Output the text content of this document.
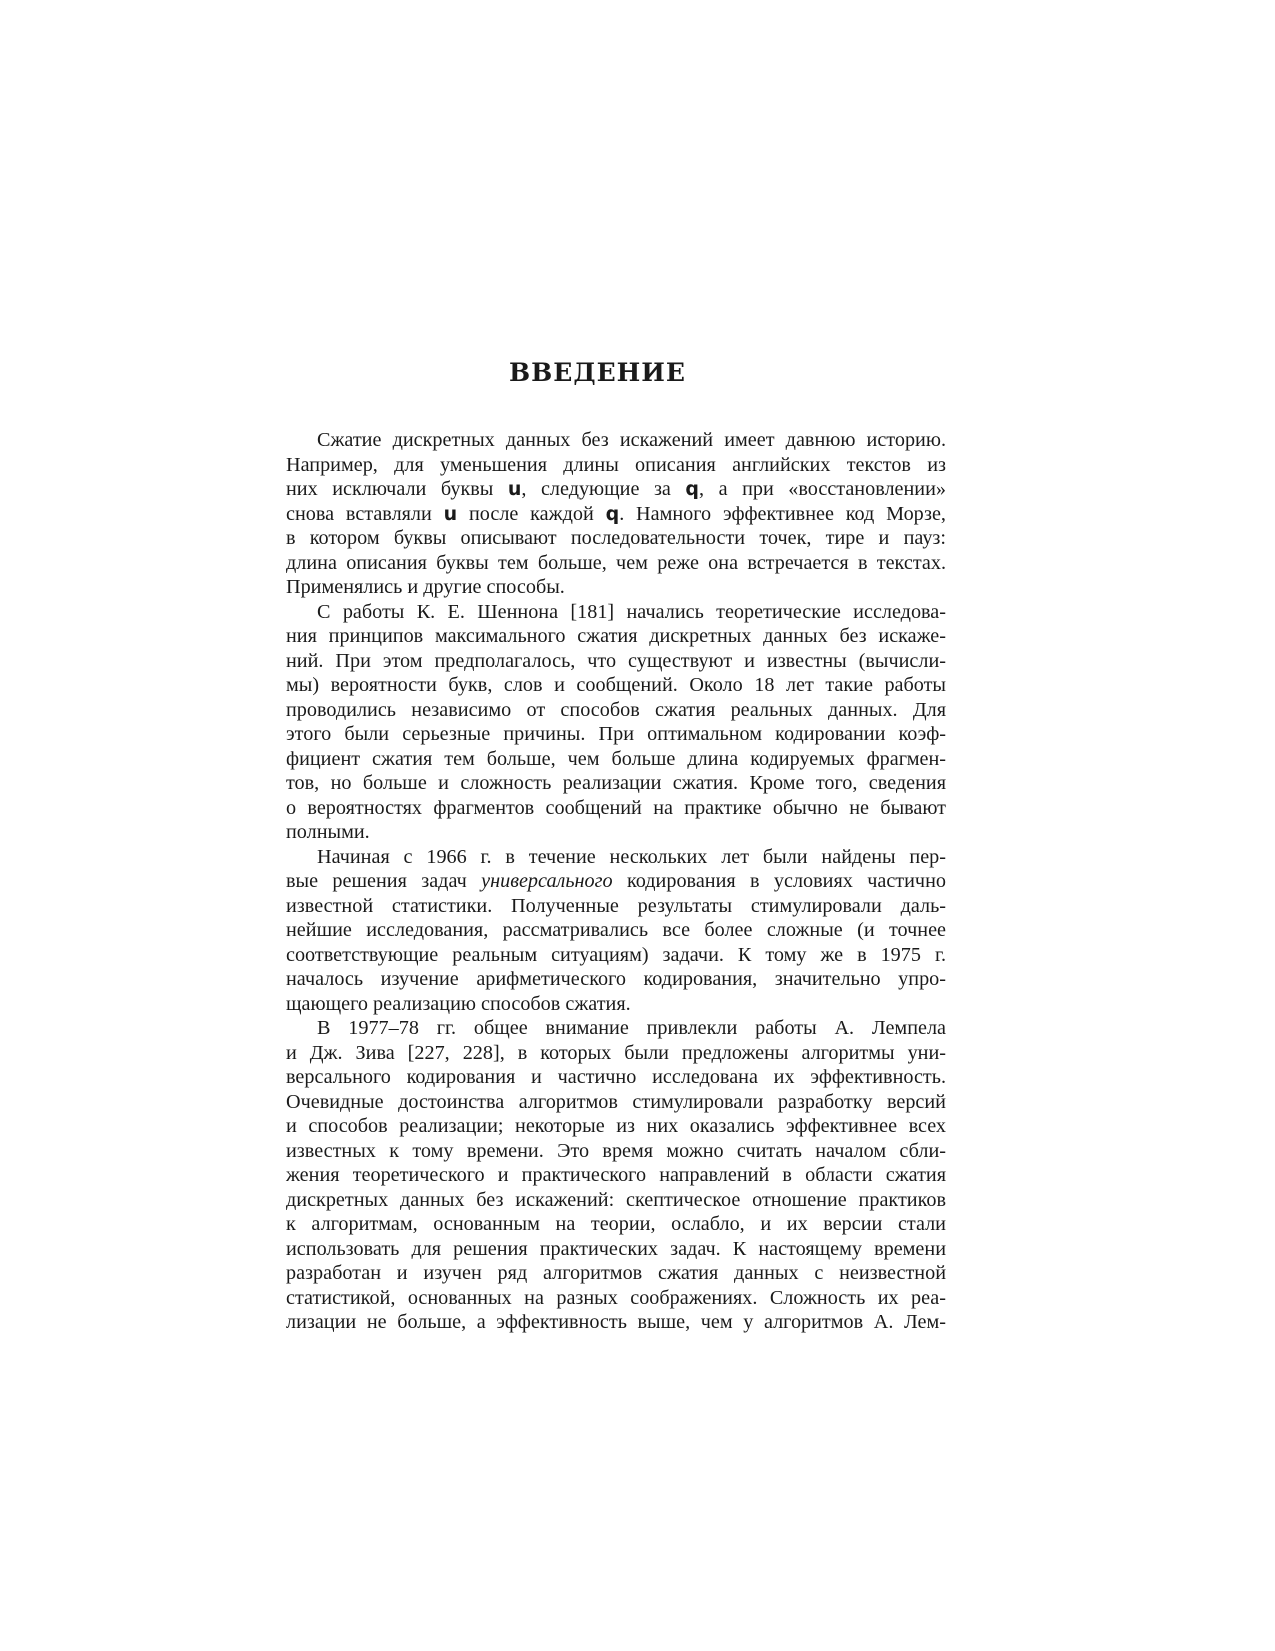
ВВЕДЕНИЕ
Сжатие дискретных данных без искажений имеет давнюю историю.
Например, для уменьшения длины описания английских текстов из
них исключали буквы u, следующие за q, а при «восстановлении»
снова вставляли u после каждой q. Намного эффективнее код Морзе,
в котором буквы описывают последовательности точек, тире и пауз:
длина описания буквы тем больше, чем реже она встречается в текстах.
Применялись и другие способы.
С работы К. Е. Шеннона [181] начались теоретические исследова-
ния принципов максимального сжатия дискретных данных без искаже-
ний. При этом предполагалось, что существуют и известны (вычисли-
мы) вероятности букв, слов и сообщений. Около 18 лет такие работы
проводились независимо от способов сжатия реальных данных. Для
этого были серьезные причины. При оптимальном кодировании коэф-
фициент сжатия тем больше, чем больше длина кодируемых фрагмен-
тов, но больше и сложность реализации сжатия. Кроме того, сведения
о вероятностях фрагментов сообщений на практике обычно не бывают
полными.
Начиная с 1966 г. в течение нескольких лет были найдены пер-
вые решения задач универсального кодирования в условиях частично
известной статистики. Полученные результаты стимулировали даль-
нейшие исследования, рассматривались все более сложные (и точнее
соответствующие реальным ситуациям) задачи. К тому же в 1975 г.
началось изучение арифметического кодирования, значительно упро-
щающего реализацию способов сжатия.
В 1977–78 гг. общее внимание привлекли работы А. Лемпела
и Дж. Зива [227, 228], в которых были предложены алгоритмы уни-
версального кодирования и частично исследована их эффективность.
Очевидные достоинства алгоритмов стимулировали разработку версий
и способов реализации; некоторые из них оказались эффективнее всех
известных к тому времени. Это время можно считать началом сбли-
жения теоретического и практического направлений в области сжатия
дискретных данных без искажений: скептическое отношение практиков
к алгоритмам, основанным на теории, ослабло, и их версии стали
использовать для решения практических задач. К настоящему времени
разработан и изучен ряд алгоритмов сжатия данных с неизвестной
статистикой, основанных на разных соображениях. Сложность их реа-
лизации не больше, а эффективность выше, чем у алгоритмов А. Лем-
